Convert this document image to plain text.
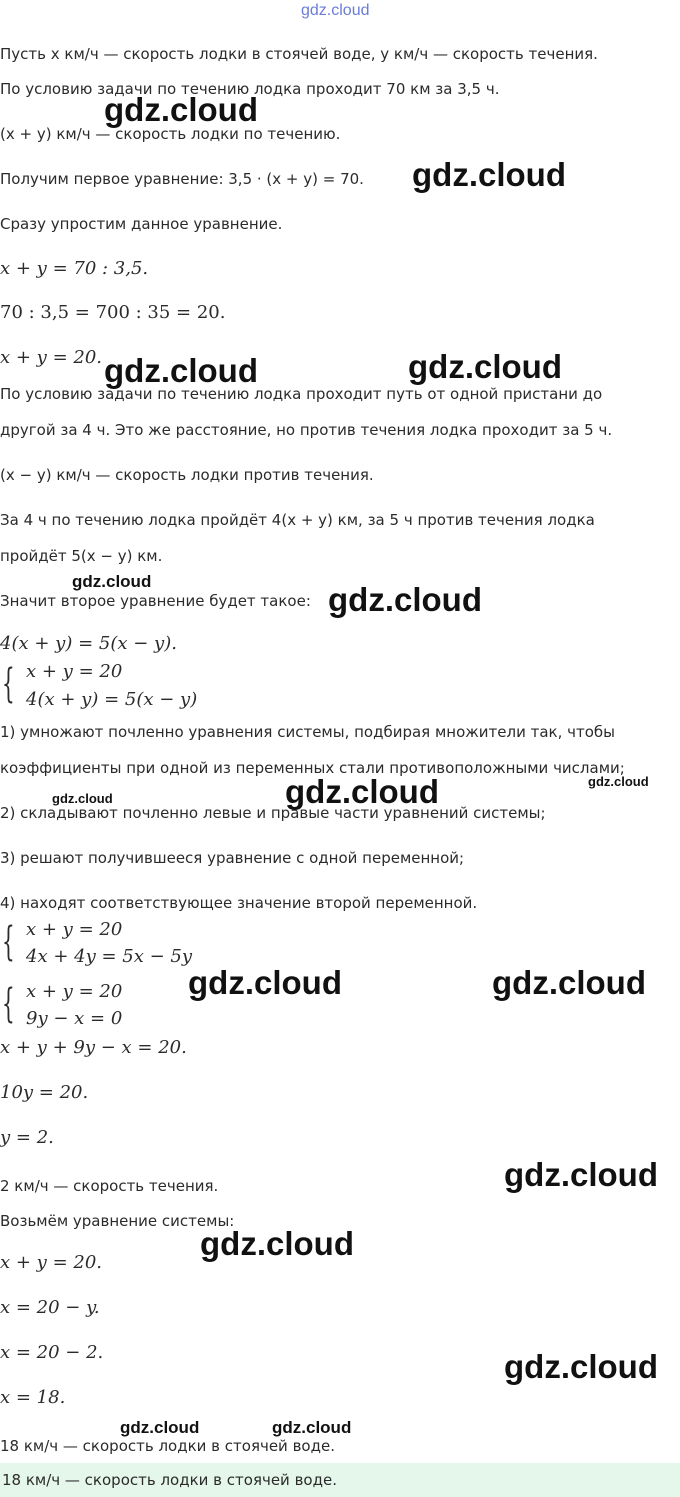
gdz.cloud
Пусть x км/ч — скорость лодки в стоячей воде, y км/ч — скорость течения.
По условию задачи по течению лодка проходит 70 км за 3,5 ч.
(x + y) км/ч — скорость лодки по течению.
Получим первое уравнение: 3,5 · (x + y) = 70.
Сразу упростим данное уравнение.
x + y = 70 : 3,5.
70 : 3,5 = 700 : 35 = 20.
x + y = 20.
По условию задачи по течению лодка проходит путь от одной пристани до
другой за 4 ч. Это же расстояние, но против течения лодка проходит за 5 ч.
(x − y) км/ч — скорость лодки против течения.
За 4 ч по течению лодка пройдёт 4(x + y) км, за 5 ч против течения лодка
пройдёт 5(x − y) км.
Значит второе уравнение будет такое:
4(x + y) = 5(x − y).
{ x + y = 20
4(x + y) = 5(x − y)
1) умножают почленно уравнения системы, подбирая множители так, чтобы
коэффициенты при одной из переменных стали противоположными числами;
2) складывают почленно левые и правые части уравнений системы;
3) решают получившееся уравнение с одной переменной;
4) находят соответствующее значение второй переменной.
{ x + y = 20
4x + 4y = 5x − 5y
{ x + y = 20
9y − x = 0
x + y + 9y − x = 20.
10y = 20.
y = 2.
2 км/ч — скорость течения.
Возьмём уравнение системы:
x + y = 20.
x = 20 − y.
x = 20 − 2.
x = 18.
18 км/ч — скорость лодки в стоячей воде.
18 км/ч — скорость лодки в стоячей воде.
gdz.cloud
gdz.cloud
gdz.cloud	gdz.cloud
gdz.cloud	gdz.cloud
gdz.cloud
gdz.cloud
gdz.cloud
gdz.cloud	gdz.cloud
gdz.cloud
gdz.cloud
gdz.cloud
gdz.cloud	gdz.cloud
